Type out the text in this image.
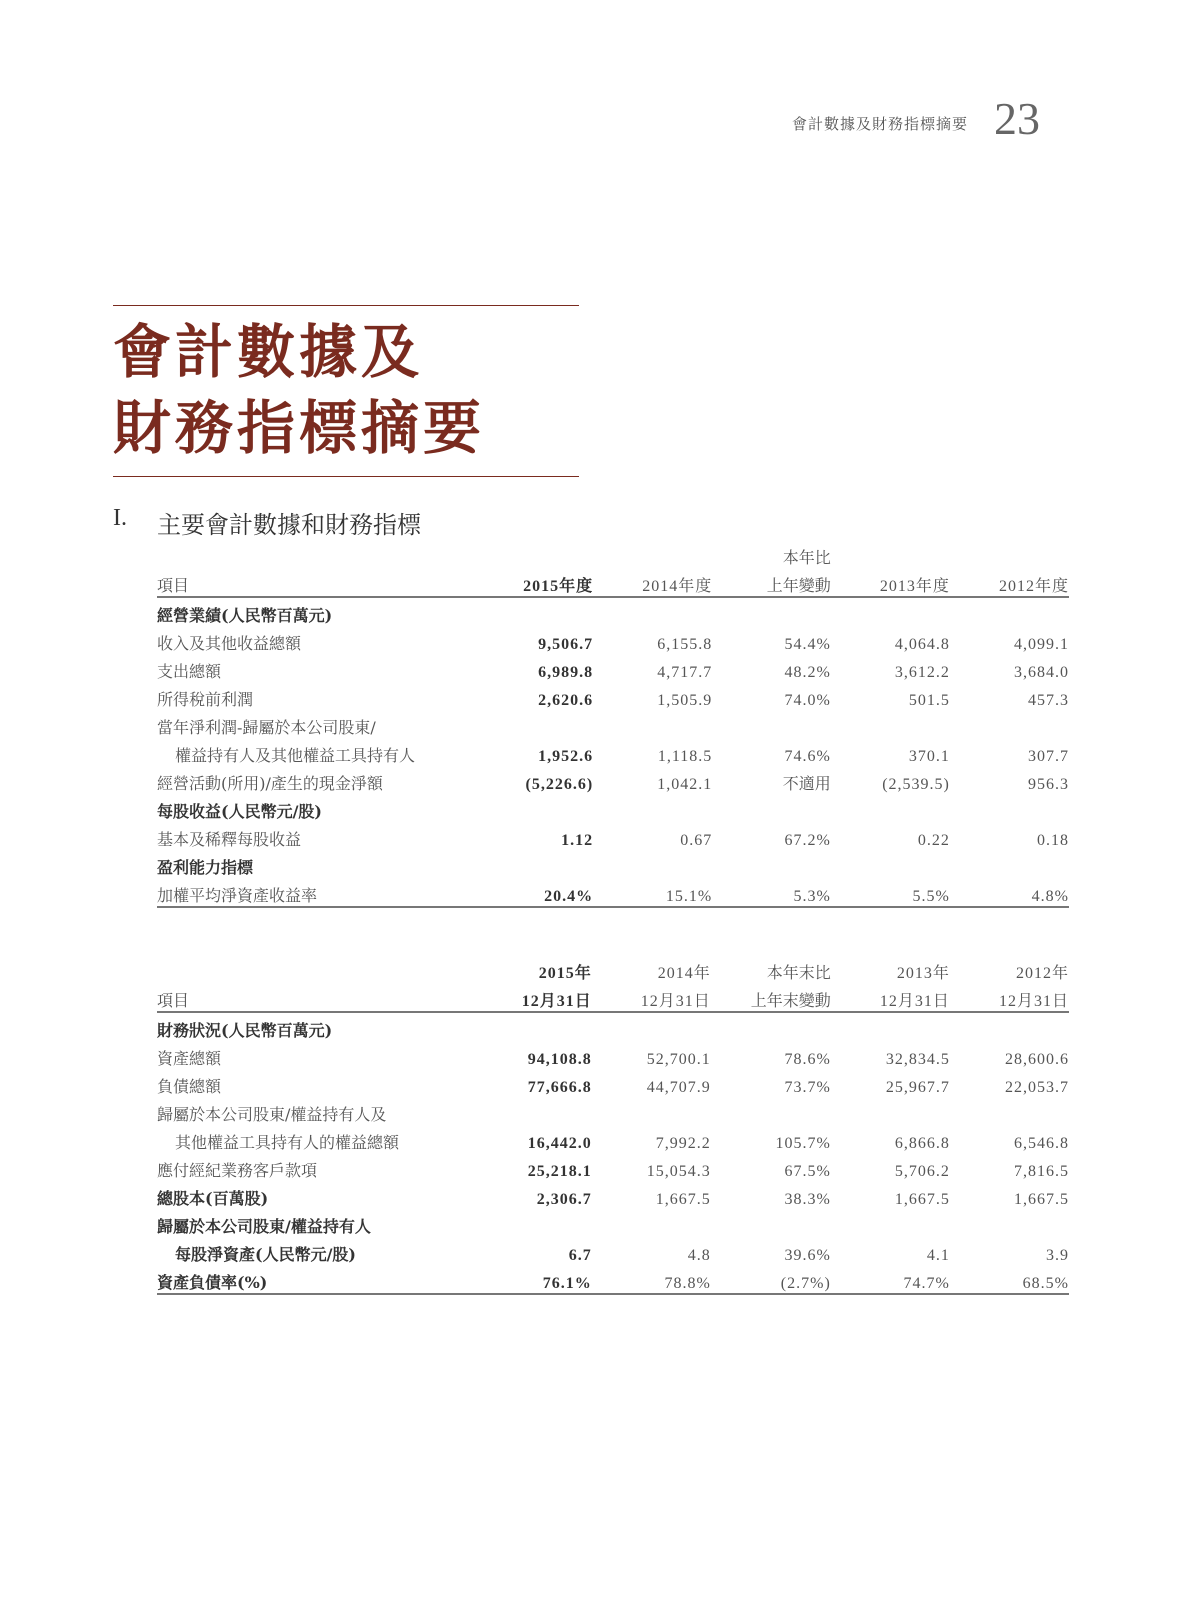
會計數據及財務指標摘要 23
會計數據及
財務指標摘要
I. 主要會計數據和財務指標
			本年比		
項目	2015年度	2014年度	上年變動	2013年度	2012年度
經營業績(人民幣百萬元)					
收入及其他收益總額	9,506.7	6,155.8	54.4%	4,064.8	4,099.1
支出總額	6,989.8	4,717.7	48.2%	3,612.2	3,684.0
所得稅前利潤	2,620.6	1,505.9	74.0%	501.5	457.3
當年淨利潤-歸屬於本公司股東/					
權益持有人及其他權益工具持有人	1,952.6	1,118.5	74.6%	370.1	307.7
經營活動(所用)/產生的現金淨額	(5,226.6)	1,042.1	不適用	(2,539.5)	956.3
每股收益(人民幣元/股)					
基本及稀釋每股收益	1.12	0.67	67.2%	0.22	0.18
盈利能力指標					
加權平均淨資產收益率	20.4%	15.1%	5.3%	5.5%	4.8%
	2015年	2014年	本年末比	2013年	2012年
項目	12月31日	12月31日	上年末變動	12月31日	12月31日
財務狀況(人民幣百萬元)					
資產總額	94,108.8	52,700.1	78.6%	32,834.5	28,600.6
負債總額	77,666.8	44,707.9	73.7%	25,967.7	22,053.7
歸屬於本公司股東/權益持有人及					
其他權益工具持有人的權益總額	16,442.0	7,992.2	105.7%	6,866.8	6,546.8
應付經紀業務客戶款項	25,218.1	15,054.3	67.5%	5,706.2	7,816.5
總股本(百萬股)	2,306.7	1,667.5	38.3%	1,667.5	1,667.5
歸屬於本公司股東/權益持有人					
每股淨資產(人民幣元/股)	6.7	4.8	39.6%	4.1	3.9
資產負債率(%)	76.1%	78.8%	(2.7%)	74.7%	68.5%
